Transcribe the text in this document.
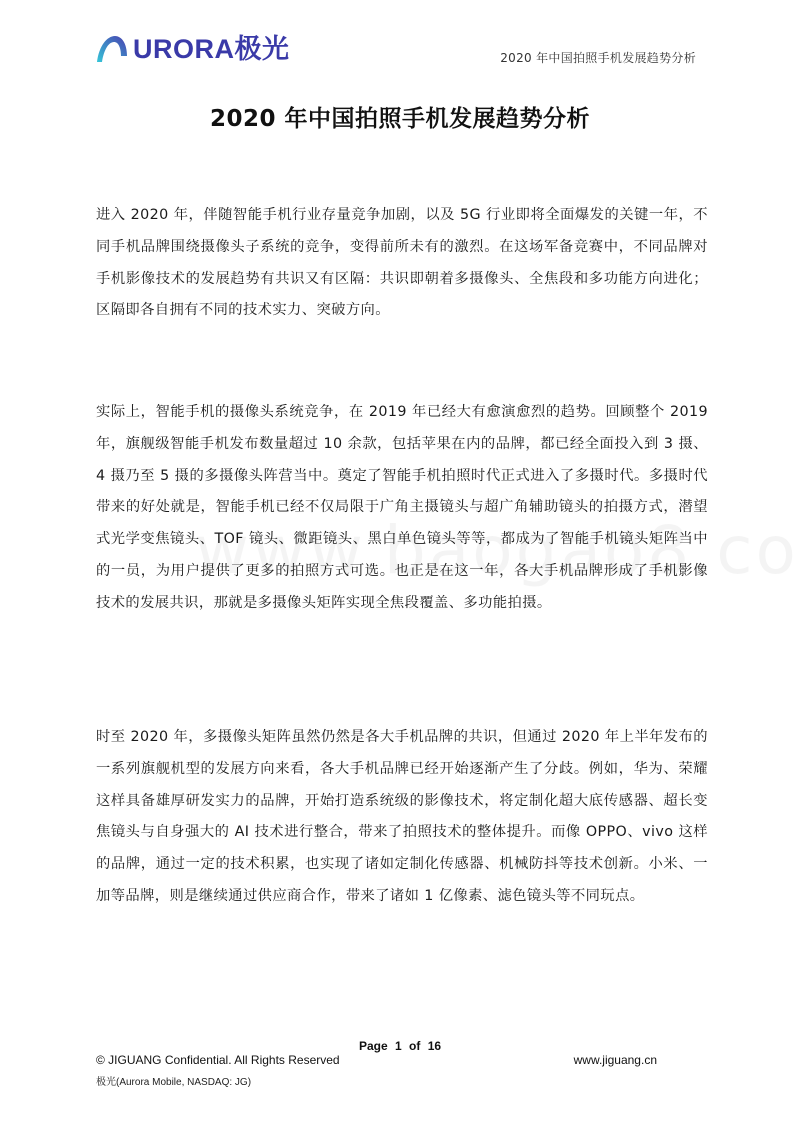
URORA极光	2020 年中国拍照手机发展趋势分析
2020 年中国拍照手机发展趋势分析

进入 2020 年，伴随智能手机行业存量竞争加剧，以及 5G 行业即将全面爆发的关键一年，不同手机品牌围绕摄像头子系统的竞争，变得前所未有的激烈。在这场军备竞赛中，不同品牌对手机影像技术的发展趋势有共识又有区隔：共识即朝着多摄像头、全焦段和多功能方向进化；区隔即各自拥有不同的技术实力、突破方向。

实际上，智能手机的摄像头系统竞争，在 2019 年已经大有愈演愈烈的趋势。回顾整个 2019 年，旗舰级智能手机发布数量超过 10 余款，包括苹果在内的品牌，都已经全面投入到 3 摄、4 摄乃至 5 摄的多摄像头阵营当中。奠定了智能手机拍照时代正式进入了多摄时代。多摄时代带来的好处就是，智能手机已经不仅局限于广角主摄镜头与超广角辅助镜头的拍摄方式，潜望式光学变焦镜头、TOF 镜头、微距镜头、黑白单色镜头等等，都成为了智能手机镜头矩阵当中的一员，为用户提供了更多的拍照方式可选。也正是在这一年，各大手机品牌形成了手机影像技术的发展共识，那就是多摄像头矩阵实现全焦段覆盖、多功能拍摄。

时至 2020 年，多摄像头矩阵虽然仍然是各大手机品牌的共识，但通过 2020 年上半年发布的一系列旗舰机型的发展方向来看，各大手机品牌已经开始逐渐产生了分歧。例如，华为、荣耀这样具备雄厚研发实力的品牌，开始打造系统级的影像技术，将定制化超大底传感器、超长变焦镜头与自身强大的 AI 技术进行整合，带来了拍照技术的整体提升。而像 OPPO、vivo 这样的品牌，通过一定的技术积累，也实现了诸如定制化传感器、机械防抖等技术创新。小米、一加等品牌，则是继续通过供应商合作，带来了诸如 1 亿像素、滤色镜头等不同玩点。

Page 1 of 16
© JIGUANG Confidential. All Rights Reserved	www.jiguang.cn
极光(Aurora Mobile, NASDAQ: JG)
